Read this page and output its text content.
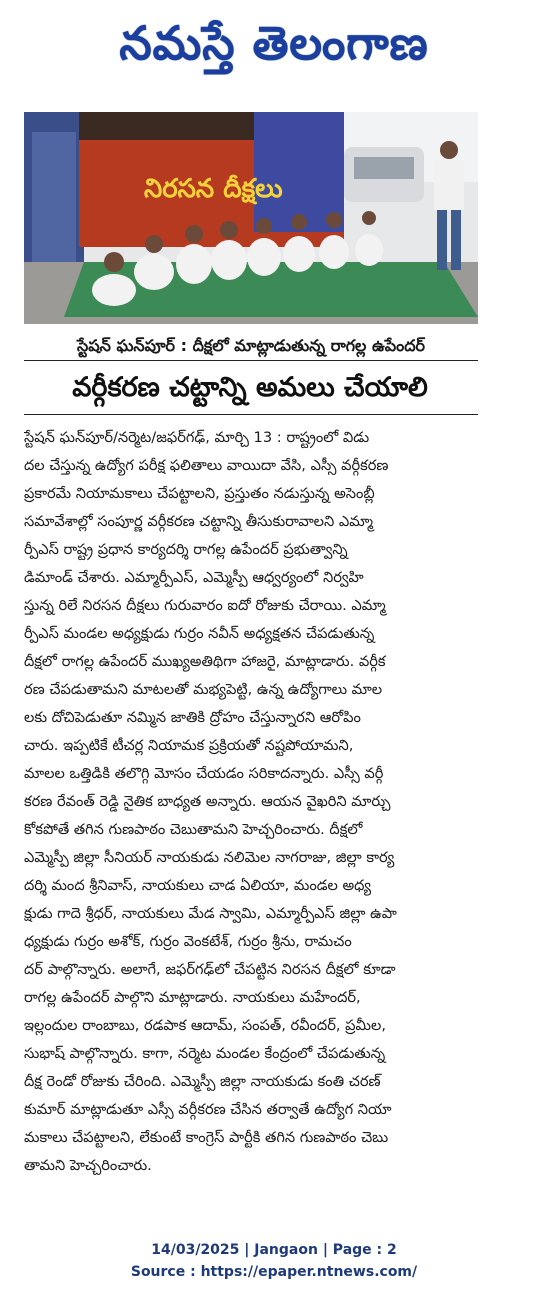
నమస్తే తెలంగాణ
నిరసన దీక్షలు
స్టేషన్ ఘన్‌పూర్ : దీక్షలో మాట్లాడుతున్న రాగల్ల ఉపేందర్
వర్గీకరణ చట్టాన్ని అమలు చేయాలి
స్టేషన్ ఘన్‌పూర్/నర్మెట/జఫర్‌గఢ్, మార్చి 13 : రాష్ట్రంలో విడు
దల చేస్తున్న ఉద్యోగ పరీక్ష ఫలితాలు వాయిదా వేసి, ఎస్సీ వర్గీకరణ
ప్రకారమే నియామకాలు చేపట్టాలని, ప్రస్తుతం నడుస్తున్న అసెంబ్లీ
సమావేశాల్లో సంపూర్ణ వర్గీకరణ చట్టాన్ని తీసుకురావాలని ఎమ్మా
ర్పీఎస్ రాష్ట్ర ప్రధాన కార్యదర్శి రాగల్ల ఉపేందర్ ప్రభుత్వాన్ని
డిమాండ్ చేశారు. ఎమ్మార్పీఎస్, ఎమ్మెస్పీ ఆధ్వర్యంలో నిర్వహి
స్తున్న రిలే నిరసన దీక్షలు గురువారం ఐదో రోజుకు చేరాయి. ఎమ్మా
ర్పీఎస్ మండల అధ్యక్షుడు గుర్రం నవీన్ అధ్యక్షతన చేపడుతున్న
దీక్షలో రాగల్ల ఉపేందర్ ముఖ్యఅతిథిగా హాజరై, మాట్లాడారు. వర్గీక
రణ చేపడుతామని మాటలతో మభ్యపెట్టి, ఉన్న ఉద్యోగాలు మాల
లకు దోచిపెడుతూ నమ్మిన జాతికి ద్రోహం చేస్తున్నారని ఆరోపిం
చారు. ఇప్పటికే టీచర్ల నియామక ప్రక్రియతో నష్టపోయామని,
మాలల ఒత్తిడికి తలొగ్గి మోసం చేయడం సరికాదన్నారు. ఎస్సీ వర్గీ
కరణ రేవంత్ రెడ్డి నైతిక బాధ్యత అన్నారు. ఆయన వైఖరిని మార్చు
కోకపోతే తగిన గుణపాఠం చెబుతామని హెచ్చరించారు. దీక్షలో
ఎమ్మెస్పీ జిల్లా సీనియర్ నాయకుడు నలిమెల నాగరాజు, జిల్లా కార్య
దర్శి మంద శ్రీనివాస్, నాయకులు చాడ ఏలియా, మండల అధ్య
క్షుడు గాదె శ్రీధర్, నాయకులు మేడ స్వామి, ఎమ్మార్పీఎస్ జిల్లా ఉపా
ధ్యక్షుడు గుర్రం అశోక్, గుర్రం వెంకటేశ్, గుర్రం శ్రీను, రామచం
దర్ పాల్గొన్నారు. అలాగే, జఫర్‌గఢ్‌లో చేపట్టిన నిరసన దీక్షలో కూడా
రాగల్ల ఉపేందర్ పాల్గొని మాట్లాడారు. నాయకులు మహేందర్,
ఇల్లందుల రాంబాబు, రడపాక ఆదామ్, సంపత్, రవీందర్, ప్రమీల,
సుభాష్ పాల్గొన్నారు. కాగా, నర్మెట మండల కేంద్రంలో చేపడుతున్న
దీక్ష రెండో రోజుకు చేరింది. ఎమ్మెస్పీ జిల్లా నాయకుడు కంతి చరణ్
కుమార్ మాట్లాడుతూ ఎస్సీ వర్గీకరణ చేసిన తర్వాతే ఉద్యోగ నియా
మకాలు చేపట్టాలని, లేకుంటే కాంగ్రెస్ పార్టీకి తగిన గుణపాఠం చెబు
తామని హెచ్చరించారు.
14/03/2025 | Jangaon | Page : 2
Source : https://epaper.ntnews.com/
